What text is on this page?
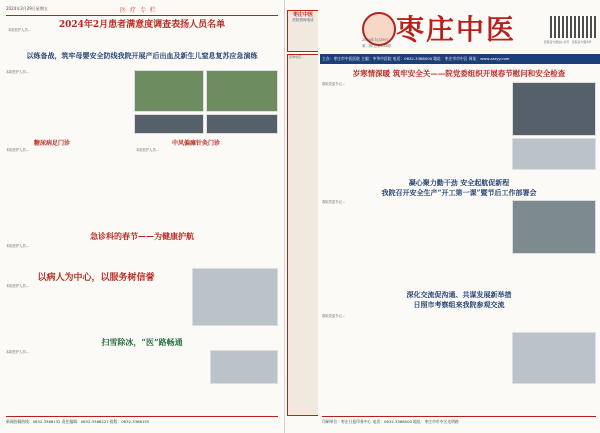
2024年3月29日星期五	医 疗 专 栏
2024年2月患者满意度调查表扬人员名单
本院医护人员…
以练备战，筑牢母婴安全防线我院开展产后出血及新生儿窒息复苏应急演练
本院医护人员…
糖尿病足门诊
本院医护人员…
中风偏瘫针灸门诊
本院医护人员…
急诊科的春节——为健康护航
本院医护人员…
以病人为中心，以服务树信誉
本院医护人员…
扫雪除冰，“医”路畅通
本院医护人员…
新闻投稿热线：0632-3368132 责任编辑：0632-3368227 排版：0632-3368155
枣庄中医
医院咨询电话
咨询电话…
枣庄中医
2024年3月29日
第二期 总第152期
医院官方微信公众号	医院官方服务号
主办：枣庄市中医医院 主编：中华中医院 电话：0632-3368000 地址：枣庄市市中区 网址：www.zzzyy.com
岁寒情深暖 筑牢安全关——院党委组织开展春节慰问和安全检查
我院党委书记…
凝心聚力勤干劲 安全起航促新程
我院召开安全生产“开工第一课”暨节后工作部署会
我院党委书记…
深化交流促沟通、共谋发展新举措
日照市考察组来我院参观交流
我院党委书记…
印刷单位：枣庄日报印务中心 电话：0632-3368000 地址：枣庄市市中区光明路
